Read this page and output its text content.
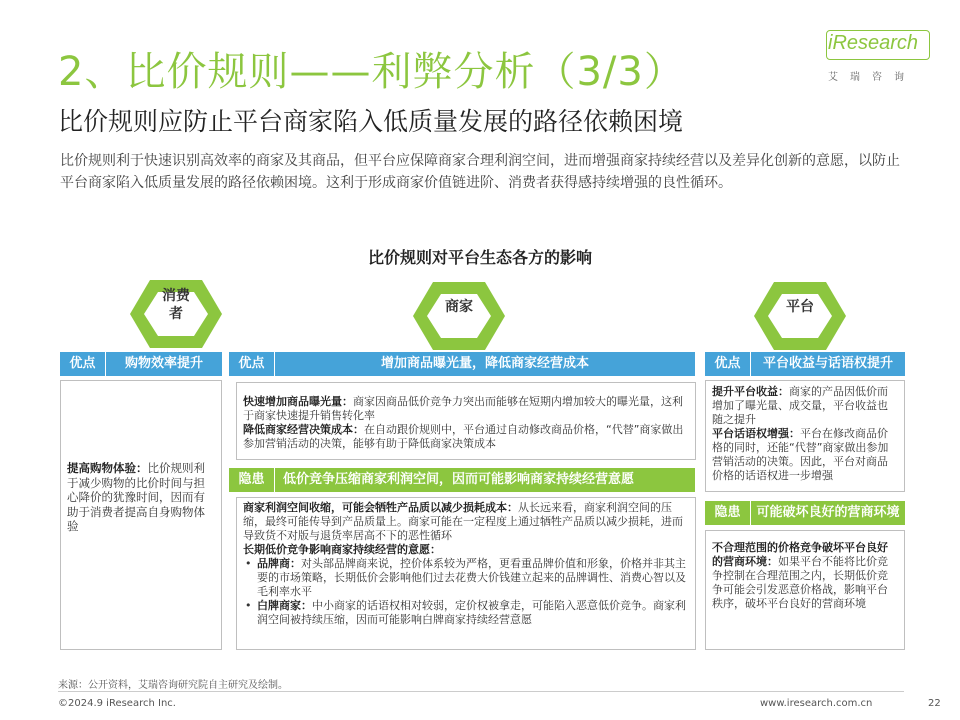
2、比价规则——利弊分析（3/3）
iResearch
艾瑞咨询
比价规则应防止平台商家陷入低质量发展的路径依赖困境
比价规则利于快速识别高效率的商家及其商品，但平台应保障商家合理利润空间，进而增强商家持续经营以及差异化创新的意愿，以防止平台商家陷入低质量发展的路径依赖困境。这利于形成商家价值链进阶、消费者获得感持续增强的良性循环。
比价规则对平台生态各方的影响
消费者	商家	平台
优点	购物效率提升
提高购物体验：比价规则利于减少购物的比价时间与担心降价的犹豫时间，因而有助于消费者提高自身购物体验
优点	增加商品曝光量，降低商家经营成本
快速增加商品曝光量：商家因商品低价竞争力突出而能够在短期内增加较大的曝光量，这利于商家快速提升销售转化率
降低商家经营决策成本：在自动跟价规则中，平台通过自动修改商品价格，“代替”商家做出参加营销活动的决策，能够有助于降低商家决策成本
隐患	低价竞争压缩商家利润空间，因而可能影响商家持续经营意愿
商家利润空间收缩，可能会牺牲产品质以减少损耗成本：从长远来看，商家利润空间的压缩，最终可能传导到产品质量上。商家可能在一定程度上通过牺牲产品质以减少损耗，进而导致货不对版与退货率居高不下的恶性循环
长期低价竞争影响商家持续经营的意愿：
• 品牌商：对头部品牌商来说，控价体系较为严格，更看重品牌价值和形象，价格并非其主要的市场策略，长期低价会影响他们过去花费大价钱建立起来的品牌调性、消费心智以及毛利率水平
• 白牌商家：中小商家的话语权相对较弱，定价权被拿走，可能陷入恶意低价竞争。商家利润空间被持续压缩，因而可能影响白牌商家持续经营意愿
优点	平台收益与话语权提升
提升平台收益：商家的产品因低价而增加了曝光量、成交量，平台收益也随之提升
平台话语权增强：平台在修改商品价格的同时，还能“代替”商家做出参加营销活动的决策。因此，平台对商品价格的话语权进一步增强
隐患	可能破坏良好的营商环境
不合理范围的价格竞争破坏平台良好的营商环境：如果平台不能将比价竞争控制在合理范围之内，长期低价竞争可能会引发恶意价格战，影响平台秩序，破坏平台良好的营商环境
来源：公开资料，艾瑞咨询研究院自主研究及绘制。
©2024.9 iResearch Inc.	www.iresearch.com.cn	22
